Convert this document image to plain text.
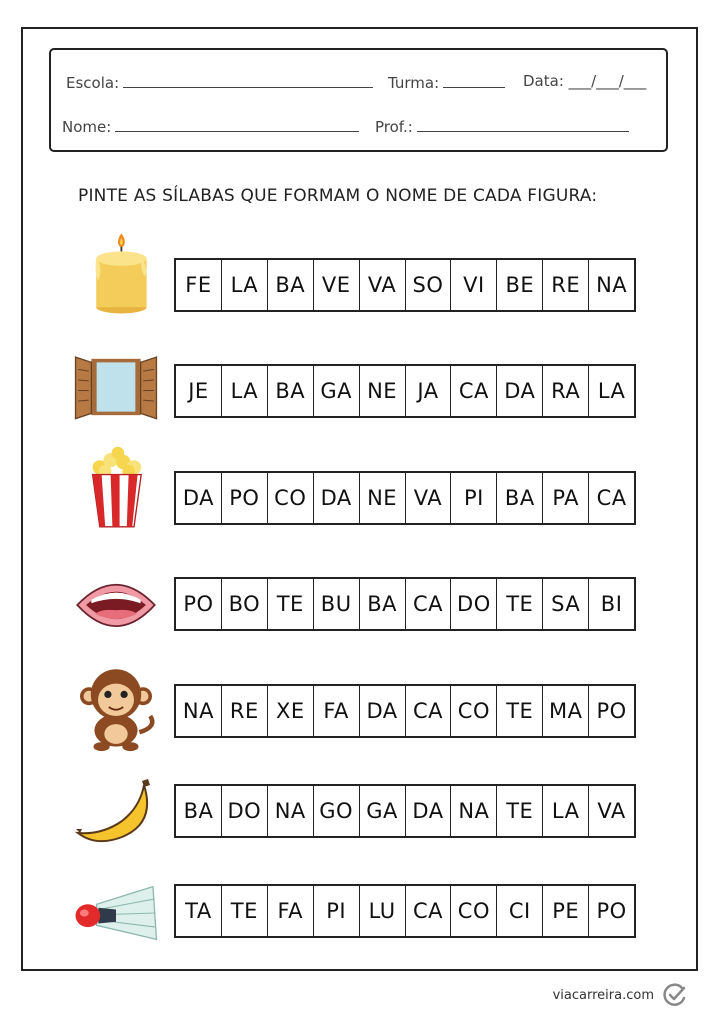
Escola:	Turma:	Data: ___/___/___
Nome:	Prof.:
PINTE AS SÍLABAS QUE FORMAM O NOME DE CADA FIGURA:
FE LA BA VE VA SO VI BE RE NA
JE LA BA GA NE JA CA DA RA LA
DA PO CO DA NE VA PI BA PA CA
PO BO TE BU BA CA DO TE SA BI
NA RE XE FA DA CA CO TE MA PO
BA DO NA GO GA DA NA TE LA VA
TA TE FA PI LU CA CO CI PE PO
viacarreira.com
